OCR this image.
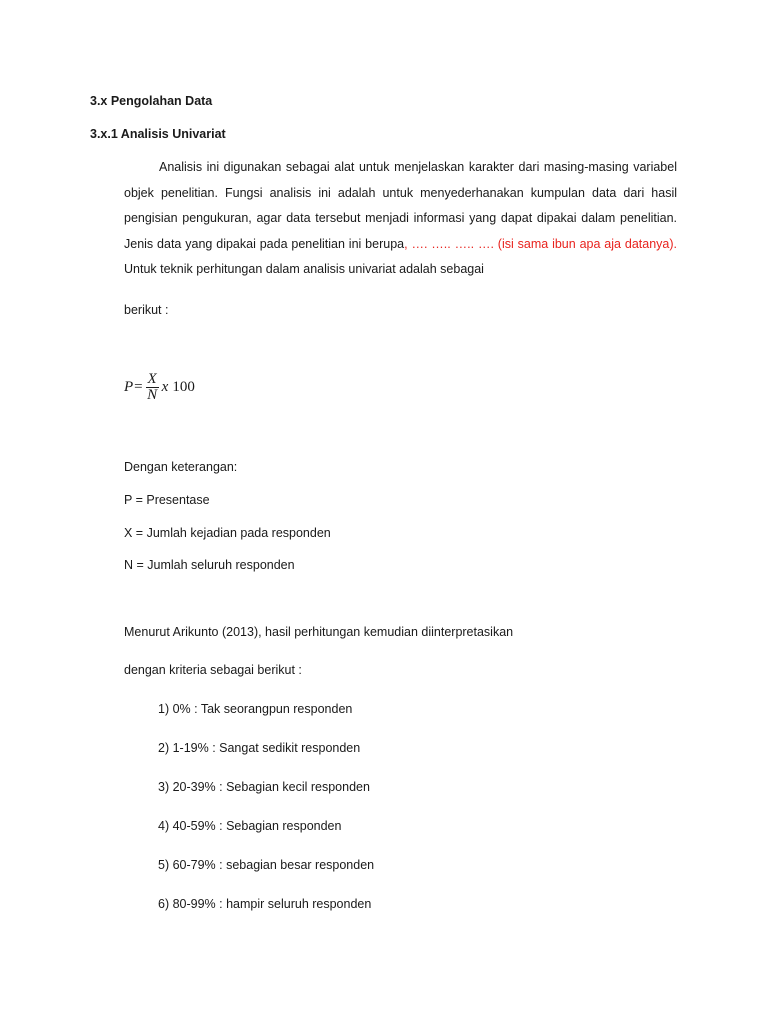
3.x Pengolahan Data
3.x.1 Analisis Univariat
Analisis ini digunakan sebagai alat untuk menjelaskan karakter dari masing-masing variabel objek penelitian. Fungsi analisis ini adalah untuk menyederhanakan kumpulan data dari hasil pengisian pengukuran, agar data tersebut menjadi informasi yang dapat dipakai dalam penelitian. Jenis data yang dipakai pada penelitian ini berupa, …. ….. ….. …. (isi sama ibun apa aja datanya). Untuk teknik perhitungan dalam analisis univariat adalah sebagai
berikut :
$P = \frac{X}{N}$ x 100
Dengan keterangan:
P = Presentase
X = Jumlah kejadian pada responden
N = Jumlah seluruh responden
Menurut Arikunto (2013), hasil perhitungan kemudian diinterpretasikan
dengan kriteria sebagai berikut :
1) 0% : Tak seorangpun responden
2) 1-19% : Sangat sedikit responden
3) 20-39% : Sebagian kecil responden
4) 40-59% : Sebagian responden
5) 60-79% : sebagian besar responden
6) 80-99% : hampir seluruh responden
